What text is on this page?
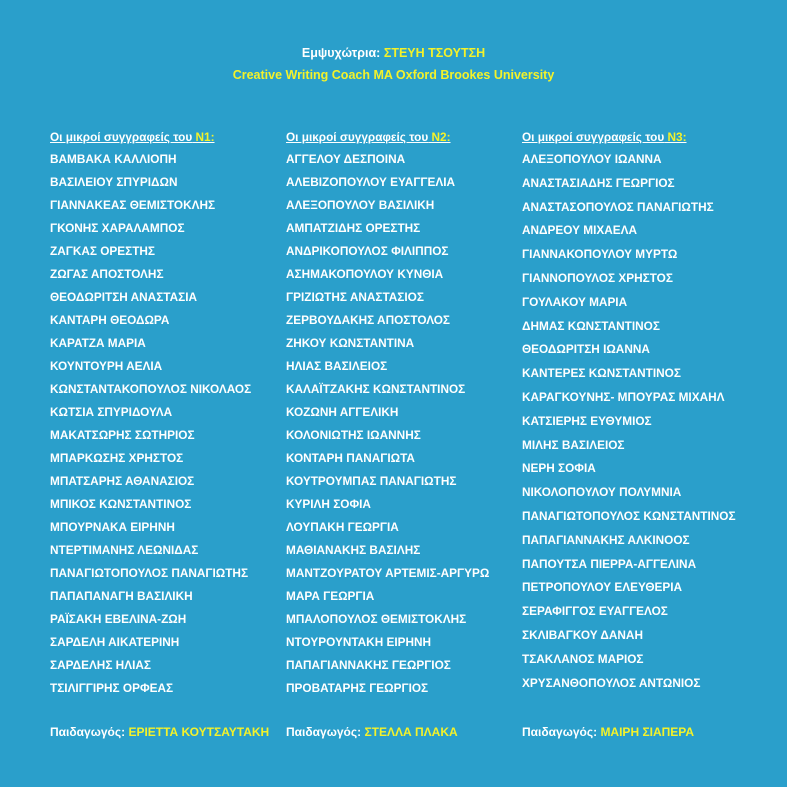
Εμψυχώτρια: ΣΤΕΥΗ ΤΣΟΥΤΣΗ
Creative Writing Coach MA Oxford Brookes University
Οι μικροί συγγραφείς του Ν1:
ΒΑΜΒΑΚΑ ΚΑΛΛΙΟΠΗ
ΒΑΣΙΛΕΙΟΥ ΣΠΥΡΙΔΩΝ
ΓΙΑΝΝΑΚΕΑΣ ΘΕΜΙΣΤΟΚΛΗΣ
ΓΚΟΝΗΣ ΧΑΡΑΛΑΜΠΟΣ
ΖΑΓΚΑΣ ΟΡΕΣΤΗΣ
ΖΩΓΑΣ ΑΠΟΣΤΟΛΗΣ
ΘΕΟΔΩΡΙΤΣΗ ΑΝΑΣΤΑΣΙΑ
ΚΑΝΤΑΡΗ ΘΕΟΔΩΡΑ
ΚΑΡΑΤΖΑ ΜΑΡΙΑ
ΚΟΥΝΤΟΥΡΗ ΑΕΛΙΑ
ΚΩΝΣΤΑΝΤΑΚΟΠΟΥΛΟΣ ΝΙΚΟΛΑΟΣ
ΚΩΤΣΙΑ ΣΠΥΡΙΔΟΥΛΑ
ΜΑΚΑΤΣΩΡΗΣ ΣΩΤΗΡΙΟΣ
ΜΠΑΡΚΩΣΗΣ ΧΡΗΣΤΟΣ
ΜΠΑΤΣΑΡΗΣ ΑΘΑΝΑΣΙΟΣ
ΜΠΙΚΟΣ ΚΩΝΣΤΑΝΤΙΝΟΣ
ΜΠΟΥΡΝΑΚΑ ΕΙΡΗΝΗ
ΝΤΕΡΤΙΜΑΝΗΣ ΛΕΩΝΙΔΑΣ
ΠΑΝΑΓΙΩΤΟΠΟΥΛΟΣ ΠΑΝΑΓΙΩΤΗΣ
ΠΑΠΑΠΑΝΑΓΗ ΒΑΣΙΛΙΚΗ
ΡΑΪΣΑΚΗ ΕΒΕΛΙΝΑ-ΖΩΗ
ΣΑΡΔΕΛΗ ΑΙΚΑΤΕΡΙΝΗ
ΣΑΡΔΕΛΗΣ ΗΛΙΑΣ
ΤΣΙΛΙΓΓΙΡΗΣ ΟΡΦΕΑΣ
Οι μικροί συγγραφείς του Ν2:
ΑΓΓΕΛΟΥ ΔΕΣΠΟΙΝΑ
ΑΛΕΒΙΖΟΠΟΥΛΟΥ ΕΥΑΓΓΕΛΙΑ
ΑΛΕΞΟΠΟΥΛΟΥ ΒΑΣΙΛΙΚΗ
ΑΜΠΑΤΖΙΔΗΣ ΟΡΕΣΤΗΣ
ΑΝΔΡΙΚΟΠΟΥΛΟΣ ΦΙΛΙΠΠΟΣ
ΑΣΗΜΑΚΟΠΟΥΛΟΥ ΚΥΝΘΙΑ
ΓΡΙΖΙΩΤΗΣ ΑΝΑΣΤΑΣΙΟΣ
ΖΕΡΒΟΥΔΑΚΗΣ ΑΠΟΣΤΟΛΟΣ
ΖΗΚΟΥ ΚΩΝΣΤΑΝΤΙΝΑ
ΗΛΙΑΣ ΒΑΣΙΛΕΙΟΣ
ΚΑΛΑΪΤΖΑΚΗΣ ΚΩΝΣΤΑΝΤΙΝΟΣ
ΚΟΖΩΝΗ ΑΓΓΕΛΙΚΗ
ΚΟΛΟΝΙΩΤΗΣ ΙΩΑΝΝΗΣ
ΚΟΝΤΑΡΗ ΠΑΝΑΓΙΩΤΑ
ΚΟΥΤΡΟΥΜΠΑΣ ΠΑΝΑΓΙΩΤΗΣ
ΚΥΡΙΛΗ ΣΟΦΙΑ
ΛΟΥΠΑΚΗ ΓΕΩΡΓΙΑ
ΜΑΘΙΑΝΑΚΗΣ ΒΑΣΙΛΗΣ
ΜΑΝΤΖΟΥΡΑΤΟΥ ΑΡΤΕΜΙΣ-ΑΡΓΥΡΩ
ΜΑΡΑ ΓΕΩΡΓΙΑ
ΜΠΑΛΟΠΟΥΛΟΣ ΘΕΜΙΣΤΟΚΛΗΣ
ΝΤΟΥΡΟΥΝΤΑΚΗ ΕΙΡΗΝΗ
ΠΑΠΑΓΙΑΝΝΑΚΗΣ ΓΕΩΡΓΙΟΣ
ΠΡΟΒΑΤΑΡΗΣ ΓΕΩΡΓΙΟΣ
Οι μικροί συγγραφείς του Ν3:
ΑΛΕΞΟΠΟΥΛΟΥ ΙΩΑΝΝΑ
ΑΝΑΣΤΑΣΙΑΔΗΣ ΓΕΩΡΓΙΟΣ
ΑΝΑΣΤΑΣΟΠΟΥΛΟΣ ΠΑΝΑΓΙΩΤΗΣ
ΑΝΔΡΕΟΥ ΜΙΧΑΕΛΑ
ΓΙΑΝΝΑΚΟΠΟΥΛΟΥ ΜΥΡΤΩ
ΓΙΑΝΝΟΠΟΥΛΟΣ ΧΡΗΣΤΟΣ
ΓΟΥΛΑΚΟΥ ΜΑΡΙΑ
ΔΗΜΑΣ ΚΩΝΣΤΑΝΤΙΝΟΣ
ΘΕΟΔΩΡΙΤΣΗ ΙΩΑΝΝΑ
ΚΑΝΤΕΡΕΣ ΚΩΝΣΤΑΝΤΙΝΟΣ
ΚΑΡΑΓΚΟΥΝΗΣ- ΜΠΟΥΡΑΣ ΜΙΧΑΗΛ
ΚΑΤΣΙΕΡΗΣ ΕΥΘΥΜΙΟΣ
ΜΙΛΗΣ ΒΑΣΙΛΕΙΟΣ
ΝΕΡΗ ΣΟΦΙΑ
ΝΙΚΟΛΟΠΟΥΛΟΥ ΠΟΛΥΜΝΙΑ
ΠΑΝΑΓΙΩΤΟΠΟΥΛΟΣ ΚΩΝΣΤΑΝΤΙΝΟΣ
ΠΑΠΑΓΙΑΝΝΑΚΗΣ ΑΛΚΙΝΟΟΣ
ΠΑΠΟΥΤΣΑ ΠΙΕΡΡΑ-ΑΓΓΕΛΙΝΑ
ΠΕΤΡΟΠΟΥΛΟΥ ΕΛΕΥΘΕΡΙΑ
ΣΕΡΑΦΙΓΓΟΣ ΕΥΑΓΓΕΛΟΣ
ΣΚΛΙΒΑΓΚΟΥ ΔΑΝΑΗ
ΤΣΑΚΛΑΝΟΣ ΜΑΡΙΟΣ
ΧΡΥΣΑΝΘΟΠΟΥΛΟΣ ΑΝΤΩΝΙΟΣ
Παιδαγωγός: ΕΡΙΕΤΤΑ ΚΟΥΤΣΑΥΤΑΚΗ Παιδαγωγός: ΣΤΕΛΛΑ ΠΛΑΚΑ	Παιδαγωγός: ΜΑΙΡΗ ΣΙΑΠΕΡΑ
